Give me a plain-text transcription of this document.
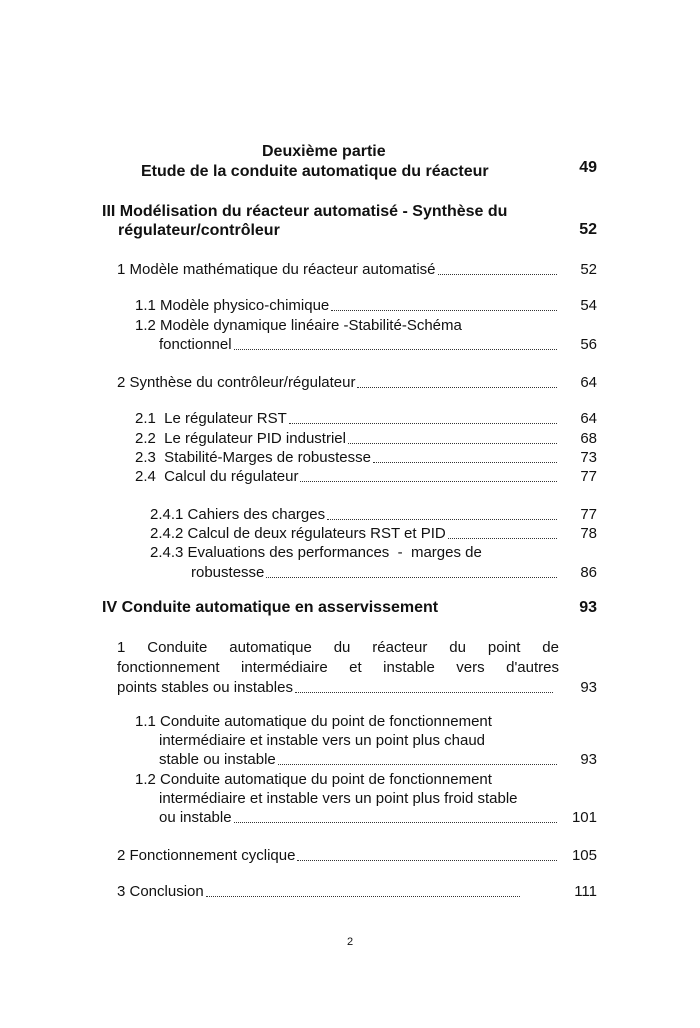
Deuxième partie
Etude de la conduite automatique du réacteur	49
III Modélisation du réacteur automatisé - Synthèse du
régulateur/contrôleur	52
1 Modèle mathématique du réacteur automatisé	52
1.1 Modèle physico-chimique	54
1.2 Modèle dynamique linéaire -Stabilité-Schéma
fonctionnel	56
2 Synthèse du contrôleur/régulateur	64
2.1  Le régulateur RST	64
2.2  Le régulateur PID industriel	68
2.3  Stabilité-Marges de robustesse	73
2.4  Calcul du régulateur	77
2.4.1 Cahiers des charges	77
2.4.2 Calcul de deux régulateurs RST et PID	78
2.4.3 Evaluations des performances  -  marges de
robustesse	86
IV Conduite automatique en asservissement	93
1 Conduite automatique du réacteur du point de
fonctionnement intermédiaire et instable vers d'autres
points stables ou instables	93
1.1 Conduite automatique du point de fonctionnement
intermédiaire et instable vers un point plus chaud
stable ou instable	93
1.2 Conduite automatique du point de fonctionnement
intermédiaire et instable vers un point plus froid stable
ou instable	101
2 Fonctionnement cyclique	105
3 Conclusion	111
2
